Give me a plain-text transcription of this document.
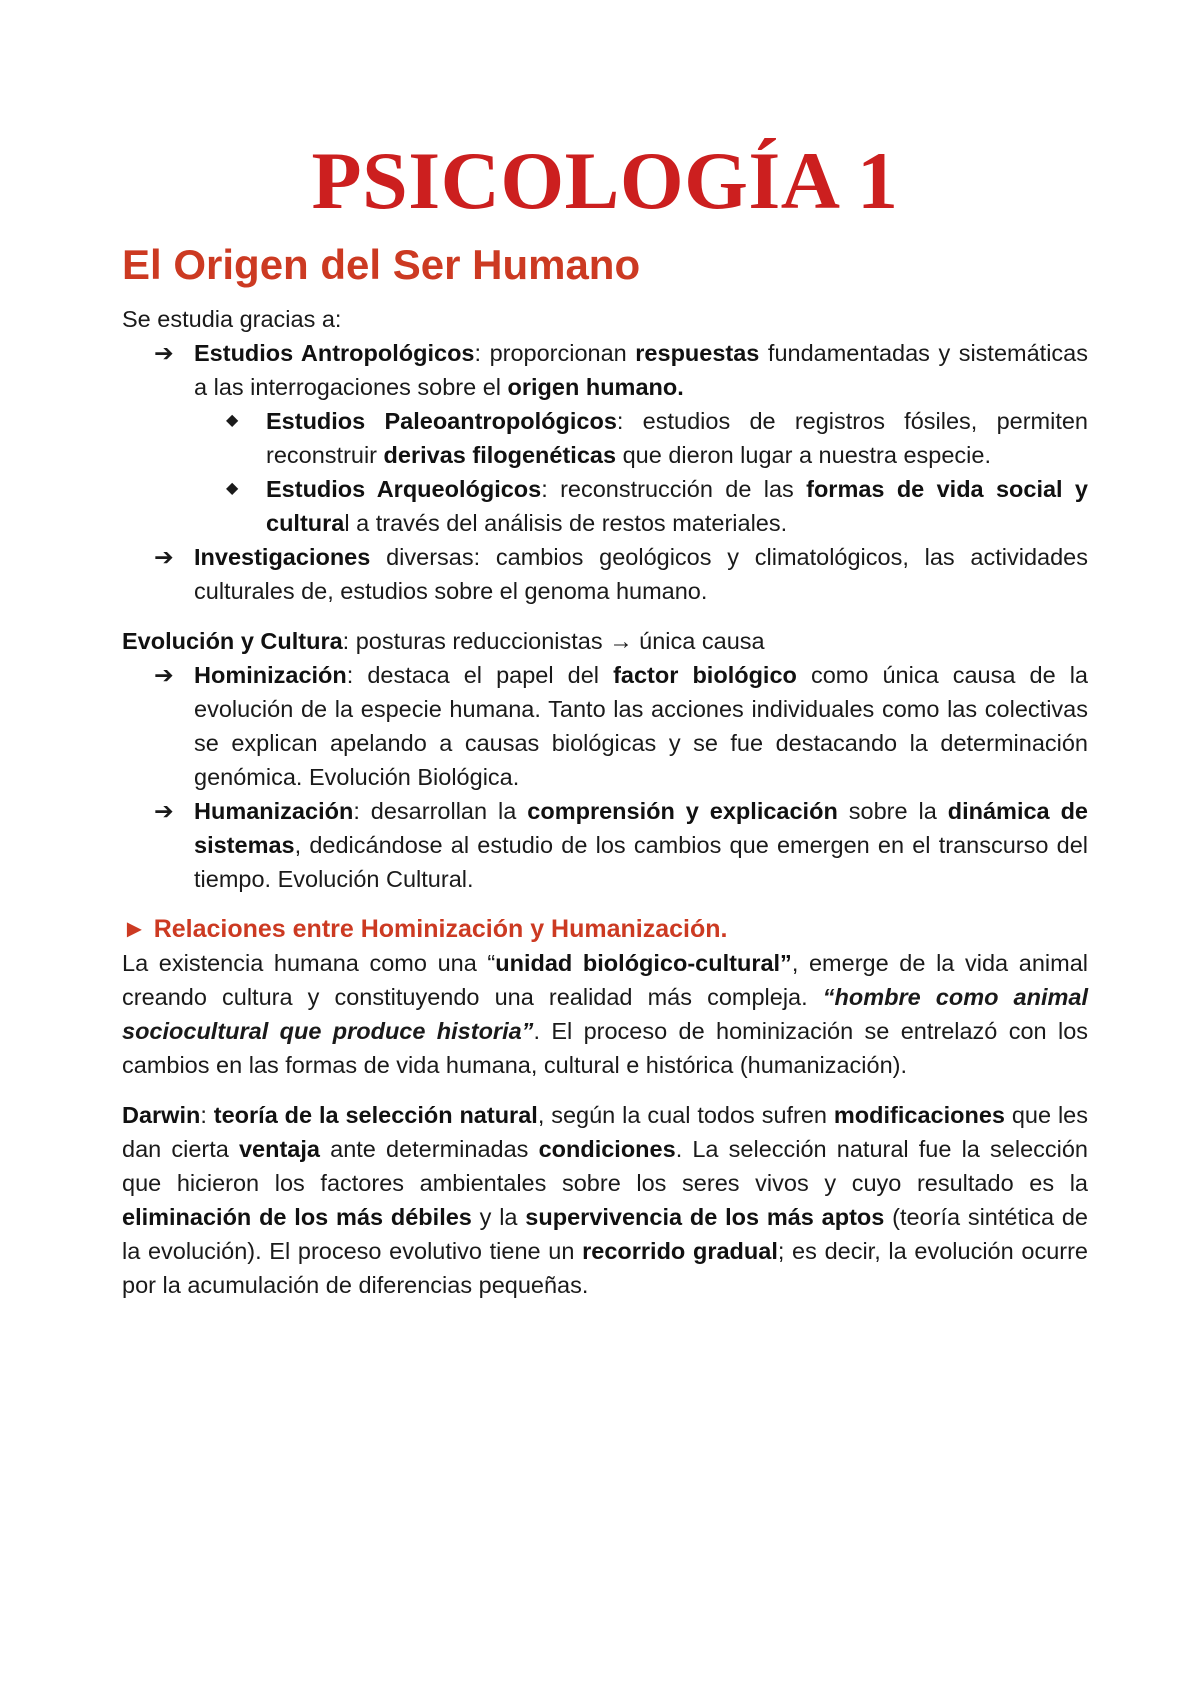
PSICOLOGÍA 1
El Origen del Ser Humano

Se estudia gracias a:

➔ Estudios Antropológicos: proporcionan respuestas fundamentadas y sistemáticas a las interrogaciones sobre el origen humano.
◆ Estudios Paleoantropológicos: estudios de registros fósiles, permiten reconstruir derivas filogenéticas que dieron lugar a nuestra especie.
◆ Estudios Arqueológicos: reconstrucción de las formas de vida social y cultural a través del análisis de restos materiales.
➔ Investigaciones diversas: cambios geológicos y climatológicos, las actividades culturales de, estudios sobre el genoma humano.

Evolución y Cultura: posturas reduccionistas → única causa

➔ Hominización: destaca el papel del factor biológico como única causa de la evolución de la especie humana. Tanto las acciones individuales como las colectivas se explican apelando a causas biológicas y se fue destacando la determinación genómica. Evolución Biológica.
➔ Humanización: desarrollan la comprensión y explicación sobre la dinámica de sistemas, dedicándose al estudio de los cambios que emergen en el transcurso del tiempo. Evolución Cultural.

► Relaciones entre Hominización y Humanización.

La existencia humana como una “unidad biológico-cultural”, emerge de la vida animal creando cultura y constituyendo una realidad más compleja. “hombre como animal sociocultural que produce historia”. El proceso de hominización se entrelazó con los cambios en las formas de vida humana, cultural e histórica (humanización).

Darwin: teoría de la selección natural, según la cual todos sufren modificaciones que les dan cierta ventaja ante determinadas condiciones. La selección natural fue la selección que hicieron los factores ambientales sobre los seres vivos y cuyo resultado es la eliminación de los más débiles y la supervivencia de los más aptos (teoría sintética de la evolución). El proceso evolutivo tiene un recorrido gradual; es decir, la evolución ocurre por la acumulación de diferencias pequeñas.
